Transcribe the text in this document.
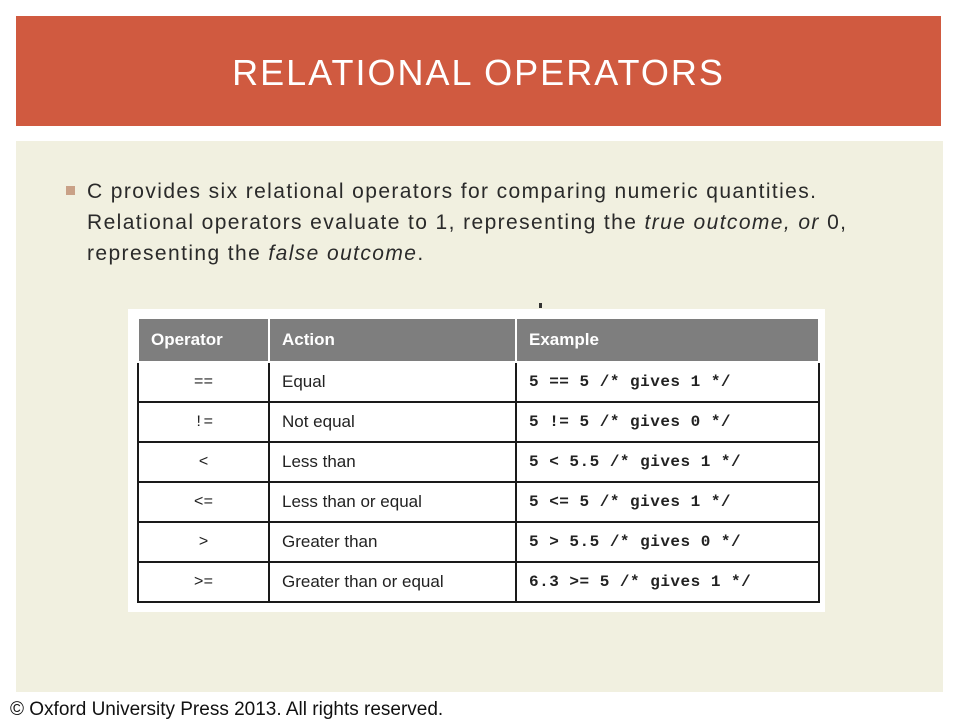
RELATIONAL OPERATORS
C provides six relational operators for comparing numeric quantities. Relational operators evaluate to 1, representing the true outcome, or 0, representing the false outcome.
Operator	Action	Example
==	Equal	5 == 5 /* gives 1 */
!=	Not equal	5 != 5 /* gives 0 */
<	Less than	5 < 5.5 /* gives 1 */
<=	Less than or equal	5 <= 5 /* gives 1 */
>	Greater than	5 > 5.5 /* gives 0 */
>=	Greater than or equal	6.3 >= 5 /* gives 1 */
© Oxford University Press 2013. All rights reserved.
